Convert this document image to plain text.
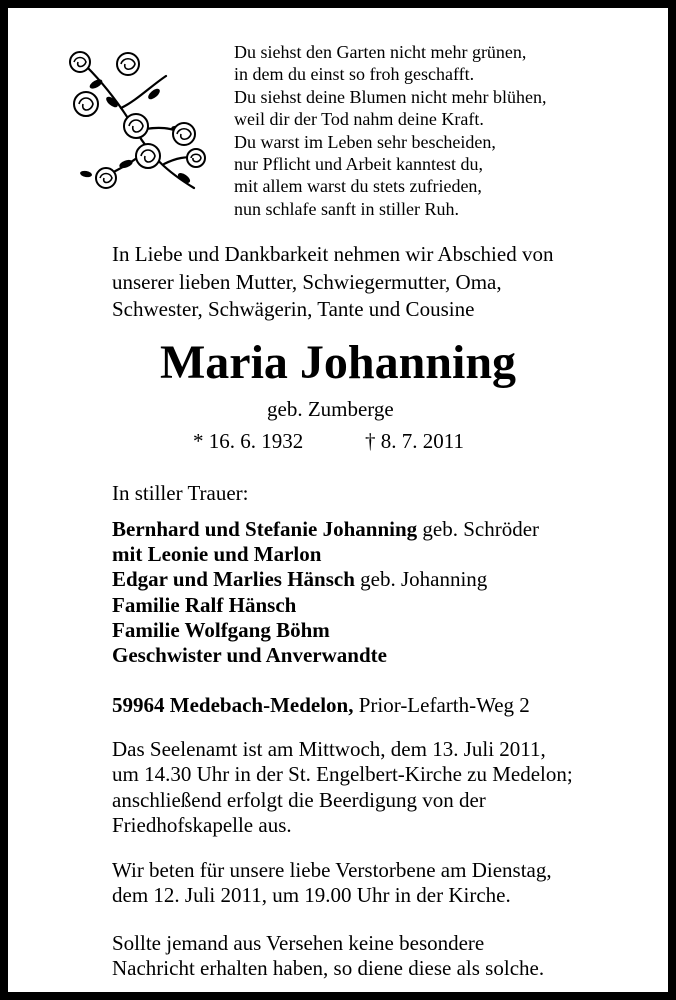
Du siehst den Garten nicht mehr grünen,
in dem du einst so froh geschafft.
Du siehst deine Blumen nicht mehr blühen,
weil dir der Tod nahm deine Kraft.
Du warst im Leben sehr bescheiden,
nur Pflicht und Arbeit kanntest du,
mit allem warst du stets zufrieden,
nun schlafe sanft in stiller Ruh.
In Liebe und Dankbarkeit nehmen wir Abschied von
unserer lieben Mutter, Schwiegermutter, Oma,
Schwester, Schwägerin, Tante und Cousine
Maria Johanning
geb. Zumberge
* 16. 6. 1932	† 8. 7. 2011
In stiller Trauer:
Bernhard und Stefanie Johanning geb. Schröder
mit Leonie und Marlon
Edgar und Marlies Hänsch geb. Johanning
Familie Ralf Hänsch
Familie Wolfgang Böhm
Geschwister und Anverwandte
59964 Medebach-Medelon, Prior-Lefarth-Weg 2
Das Seelenamt ist am Mittwoch, dem 13. Juli 2011,
um 14.30 Uhr in der St. Engelbert-Kirche zu Medelon;
anschließend erfolgt die Beerdigung von der
Friedhofskapelle aus.
Wir beten für unsere liebe Verstorbene am Dienstag,
dem 12. Juli 2011, um 19.00 Uhr in der Kirche.
Sollte jemand aus Versehen keine besondere
Nachricht erhalten haben, so diene diese als solche.
